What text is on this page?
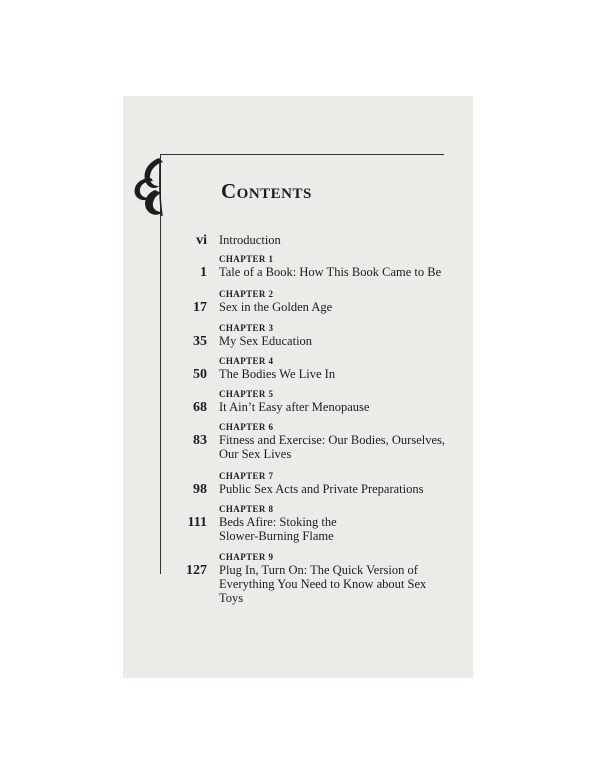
Contents
vi Introduction
CHAPTER 1
1 Tale of a Book: How This Book Came to Be
CHAPTER 2
17 Sex in the Golden Age
CHAPTER 3
35 My Sex Education
CHAPTER 4
50 The Bodies We Live In
CHAPTER 5
68 It Ain’t Easy after Menopause
CHAPTER 6
83 Fitness and Exercise: Our Bodies, Ourselves, Our Sex Lives
CHAPTER 7
98 Public Sex Acts and Private Preparations
CHAPTER 8
111 Beds Afire: Stoking the Slower-Burning Flame
CHAPTER 9
127 Plug In, Turn On: The Quick Version of Everything You Need to Know about Sex Toys
